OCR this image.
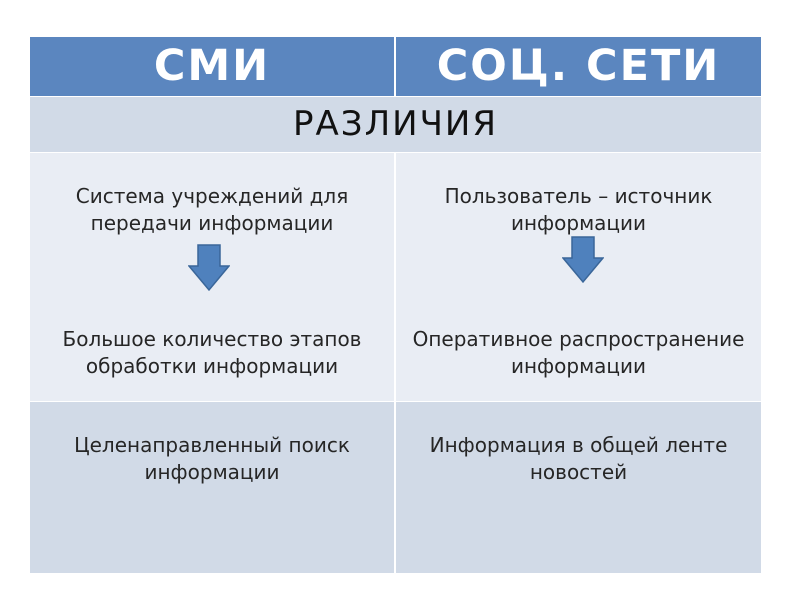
СМИ	СОЦ. СЕТИ
РАЗЛИЧИЯ
Система учреждений для передачи информации
Большое количество этапов обработки информации
Пользователь – источник информации
Оперативное распространение информации
Целенаправленный поиск информации
Информация в общей ленте новостей
